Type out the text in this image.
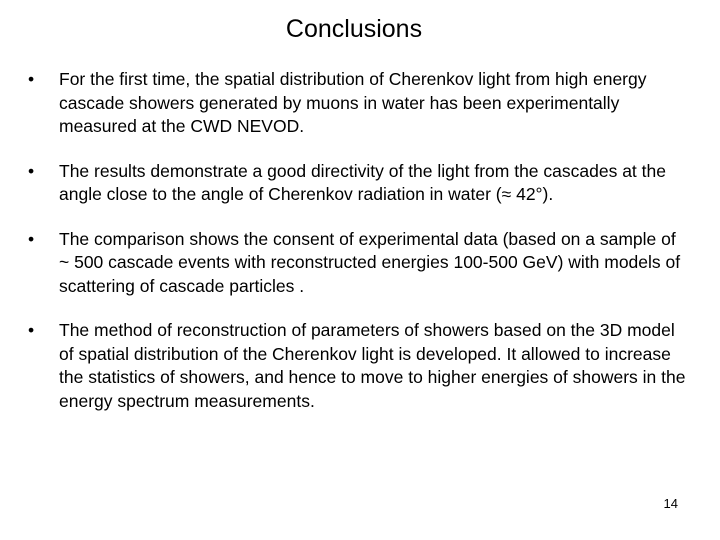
Conclusions
•	For the first time, the spatial distribution of Cherenkov light from high energy cascade showers generated by muons in water has been experimentally measured at the CWD NEVOD.
•	The results demonstrate a good directivity of the light from the cascades at the angle close to the angle of Cherenkov radiation in water (≈ 42°).
•	The comparison shows the consent of experimental data (based on a sample of ~ 500 cascade events with reconstructed energies 100-500 GeV) with models of scattering of cascade particles .
•	The method of reconstruction of parameters of showers based on the 3D model of spatial distribution of the Cherenkov light is developed. It allowed to increase the statistics of showers, and hence to move to higher energies of showers in the energy spectrum measurements.
14
